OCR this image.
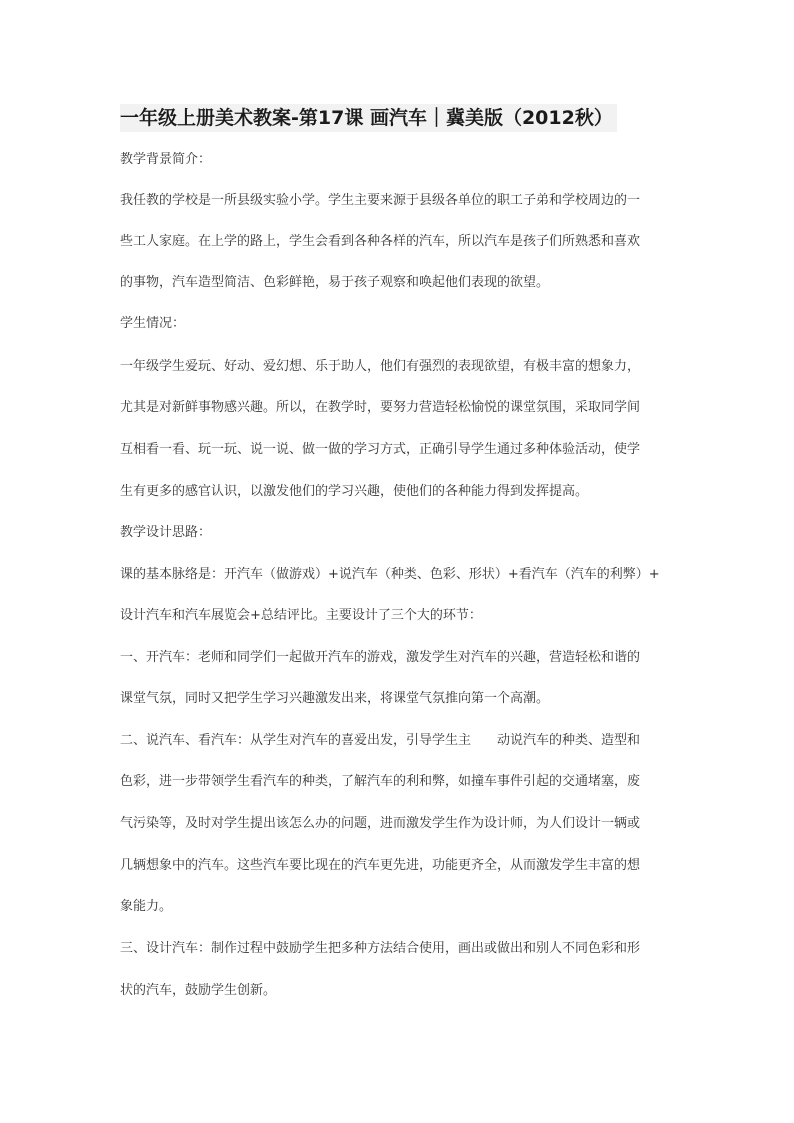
一年级上册美术教案-第17课 画汽车｜冀美版（2012秋）
教学背景简介：
我任教的学校是一所县级实验小学。学生主要来源于县级各单位的职工子弟和学校周边的一
些工人家庭。在上学的路上，学生会看到各种各样的汽车，所以汽车是孩子们所熟悉和喜欢
的事物，汽车造型简洁、色彩鲜艳，易于孩子观察和唤起他们表现的欲望。
学生情况：
一年级学生爱玩、好动、爱幻想、乐于助人，他们有强烈的表现欲望，有极丰富的想象力，
尤其是对新鲜事物感兴趣。所以，在教学时，要努力营造轻松愉悦的课堂氛围，采取同学间
互相看一看、玩一玩、说一说、做一做的学习方式，正确引导学生通过多种体验活动，使学
生有更多的感官认识，以激发他们的学习兴趣，使他们的各种能力得到发挥提高。
教学设计思路：
课的基本脉络是：开汽车（做游戏）+说汽车（种类、色彩、形状）+看汽车（汽车的利弊）+
设计汽车和汽车展览会+总结评比。主要设计了三个大的环节：
一、开汽车：老师和同学们一起做开汽车的游戏，激发学生对汽车的兴趣，营造轻松和谐的
课堂气氛，同时又把学生学习兴趣激发出来，将课堂气氛推向第一个高潮。
二、说汽车、看汽车：从学生对汽车的喜爱出发，引导学生主　　动说汽车的种类、造型和
色彩，进一步带领学生看汽车的种类，了解汽车的利和弊，如撞车事件引起的交通堵塞，废
气污染等，及时对学生提出该怎么办的问题，进而激发学生作为设计师，为人们设计一辆或
几辆想象中的汽车。这些汽车要比现在的汽车更先进，功能更齐全，从而激发学生丰富的想
象能力。
三、设计汽车：制作过程中鼓励学生把多种方法结合使用，画出或做出和别人不同色彩和形
状的汽车，鼓励学生创新。
